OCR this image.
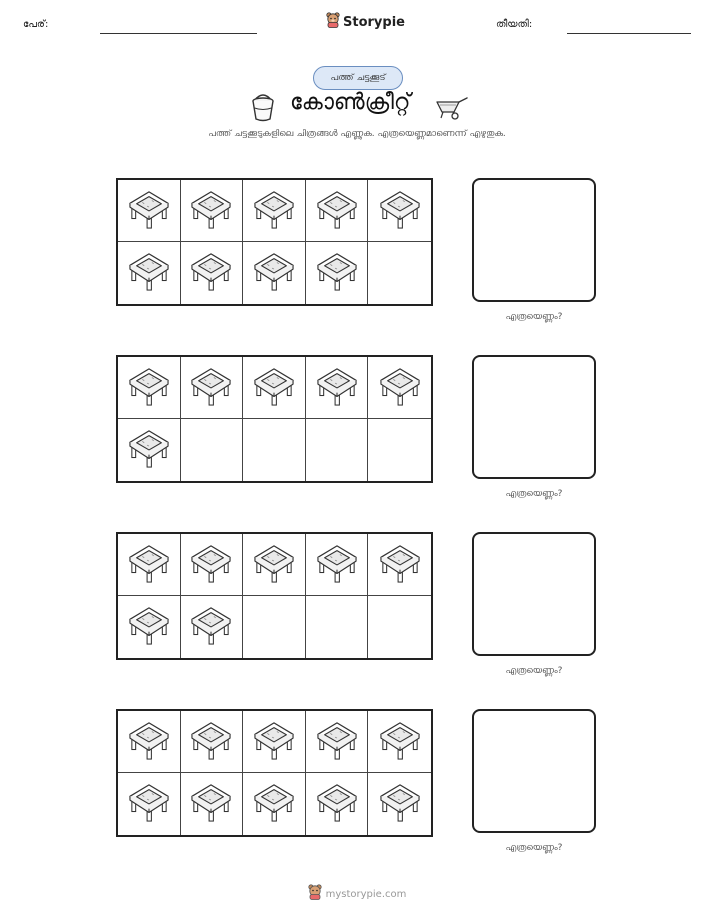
പേര്:	തീയതി:
Storypie
പത്ത് ചട്ടക്കൂട്
കോൺക്രീറ്റ്
പത്ത് ചട്ടക്കൂടുകളിലെ ചിത്രങ്ങൾ എണ്ണുക. എത്രയെണ്ണമാണെന്ന് എഴുതുക.
എത്രയെണ്ണം?
എത്രയെണ്ണം?
എത്രയെണ്ണം?
എത്രയെണ്ണം?
mystorypie.com
